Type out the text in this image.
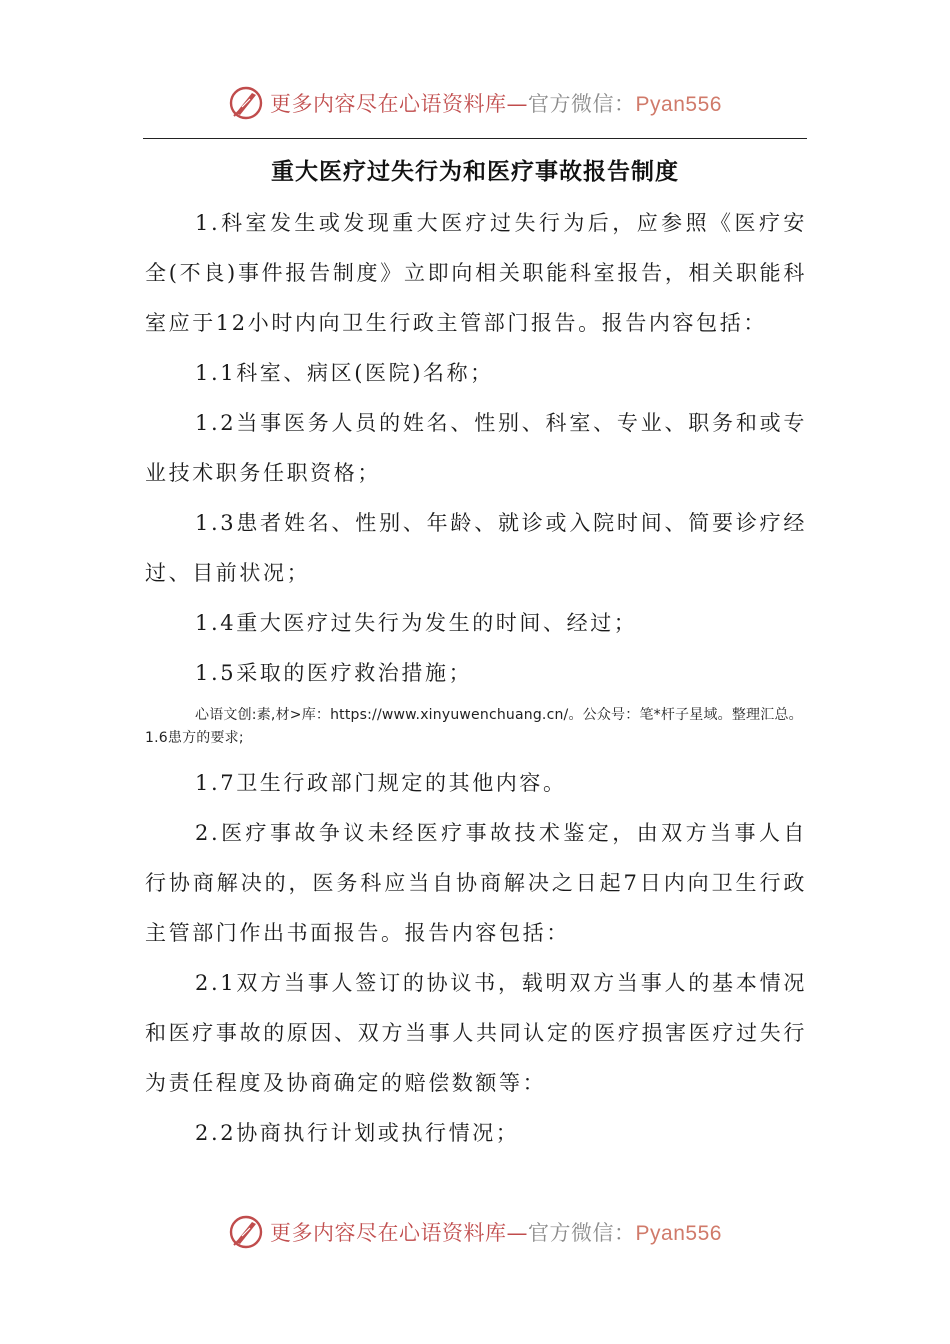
更多内容尽在心语资料库—官方微信：Pyan556
重大医疗过失行为和医疗事故报告制度

1.科室发生或发现重大医疗过失行为后，应参照《医疗安全(不良)事件报告制度》立即向相关职能科室报告，相关职能科室应于12小时内向卫生行政主管部门报告。报告内容包括：

1.1科室、病区(医院)名称；

1.2当事医务人员的姓名、性别、科室、专业、职务和或专业技术职务任职资格；

1.3患者姓名、性别、年龄、就诊或入院时间、简要诊疗经过、目前状况；

1.4重大医疗过失行为发生的时间、经过；

1.5采取的医疗救治措施；

心语文创:素,材>库：https://www.xinyuwenchuang.cn/。公众号：笔*杆子星域。整理汇总。1.6患方的要求;

1.7卫生行政部门规定的其他内容。

2.医疗事故争议未经医疗事故技术鉴定，由双方当事人自行协商解决的，医务科应当自协商解决之日起7日内向卫生行政主管部门作出书面报告。报告内容包括：

2.1双方当事人签订的协议书，载明双方当事人的基本情况和医疗事故的原因、双方当事人共同认定的医疗损害医疗过失行为责任程度及协商确定的赔偿数额等：

2.2协商执行计划或执行情况；

更多内容尽在心语资料库—官方微信：Pyan556
